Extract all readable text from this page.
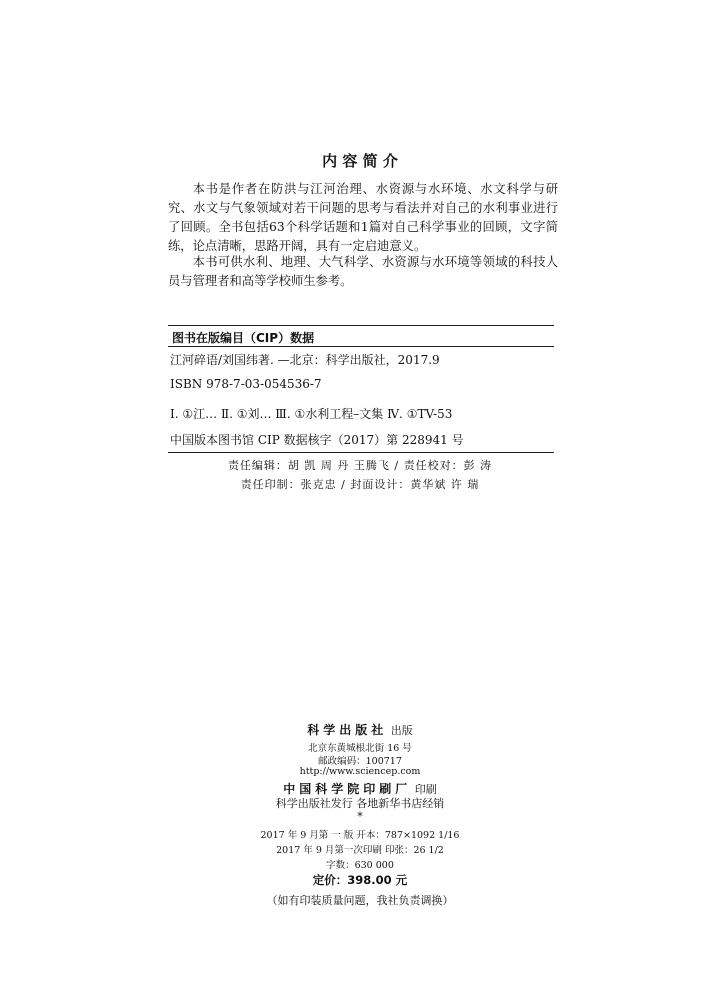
内 容 简 介

本书是作者在防洪与江河治理、水资源与水环境、水文科学与研究、水文与气象领域对若干问题的思考与看法并对自己的水利事业进行了回顾。全书包括63个科学话题和1篇对自己科学事业的回顾，文字简练，论点清晰，思路开阔，具有一定启迪意义。

本书可供水利、地理、大气科学、水资源与水环境等领域的科技人员与管理者和高等学校师生参考。

图书在版编目（CIP）数据
江河碎语/刘国纬著. —北京：科学出版社，2017.9
ISBN 978-7-03-054536-7
Ⅰ. ①江… Ⅱ. ①刘… Ⅲ. ①水利工程–文集 Ⅳ. ①TV-53
中国版本图书馆 CIP 数据核字（2017）第 228941 号
责任编辑：胡 凯 周 丹 王腾飞 / 责任校对：彭 涛
责任印制：张克忠 / 封面设计：黄华斌 许 瑞
科学出版社 出版
北京东黄城根北街 16 号
邮政编码：100717
http://www.sciencep.com
中国科学院印刷厂 印刷
科学出版社发行 各地新华书店经销
*
2017 年 9 月第 一 版 开本：787×1092 1/16
2017 年 9 月第一次印刷 印张：26 1/2
字数：630 000
定价：398.00 元
（如有印装质量问题，我社负责调换）
